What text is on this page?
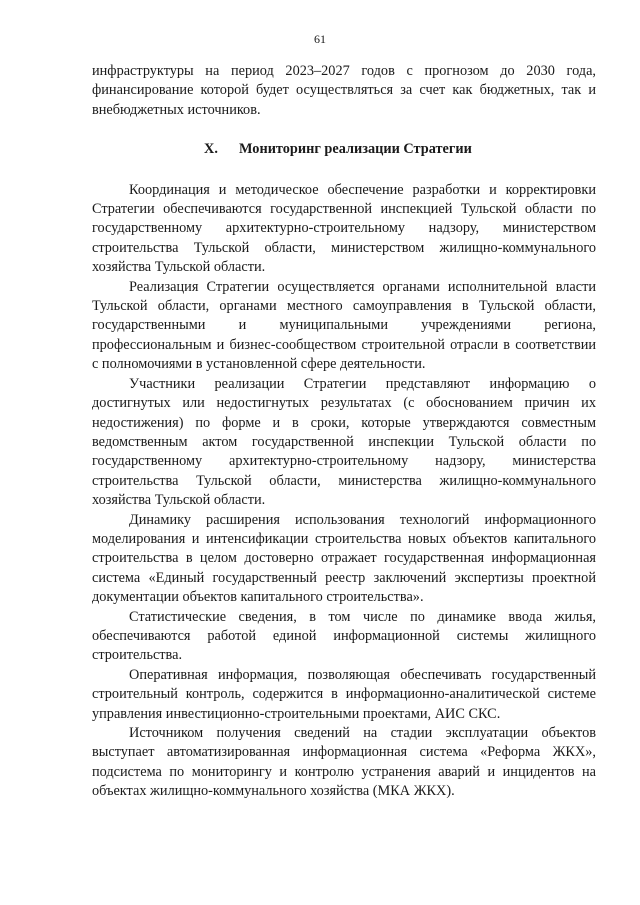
61

инфраструктуры на период 2023–2027 годов с прогнозом до 2030 года, финансирование которой будет осуществляться за счет как бюджетных, так и внебюджетных источников.

X. Мониторинг реализации Стратегии

Координация и методическое обеспечение разработки и корректировки Стратегии обеспечиваются государственной инспекцией Тульской области по государственному архитектурно-строительному надзору, министерством строительства Тульской области, министерством жилищно-коммунального хозяйства Тульской области.

Реализация Стратегии осуществляется органами исполнительной власти Тульской области, органами местного самоуправления в Тульской области, государственными и муниципальными учреждениями региона, профессиональным и бизнес-сообществом строительной отрасли в соответствии с полномочиями в установленной сфере деятельности.

Участники реализации Стратегии представляют информацию о достигнутых или недостигнутых результатах (с обоснованием причин их недостижения) по форме и в сроки, которые утверждаются совместным ведомственным актом государственной инспекции Тульской области по государственному архитектурно-строительному надзору, министерства строительства Тульской области, министерства жилищно-коммунального хозяйства Тульской области.

Динамику расширения использования технологий информационного моделирования и интенсификации строительства новых объектов капитального строительства в целом достоверно отражает государственная информационная система «Единый государственный реестр заключений экспертизы проектной документации объектов капитального строительства».

Статистические сведения, в том числе по динамике ввода жилья, обеспечиваются работой единой информационной системы жилищного строительства.

Оперативная информация, позволяющая обеспечивать государственный строительный контроль, содержится в информационно-аналитической системе управления инвестиционно-строительными проектами, АИС СКС.

Источником получения сведений на стадии эксплуатации объектов выступает автоматизированная информационная система «Реформа ЖКХ», подсистема по мониторингу и контролю устранения аварий и инцидентов на объектах жилищно-коммунального хозяйства (МКА ЖКХ).
